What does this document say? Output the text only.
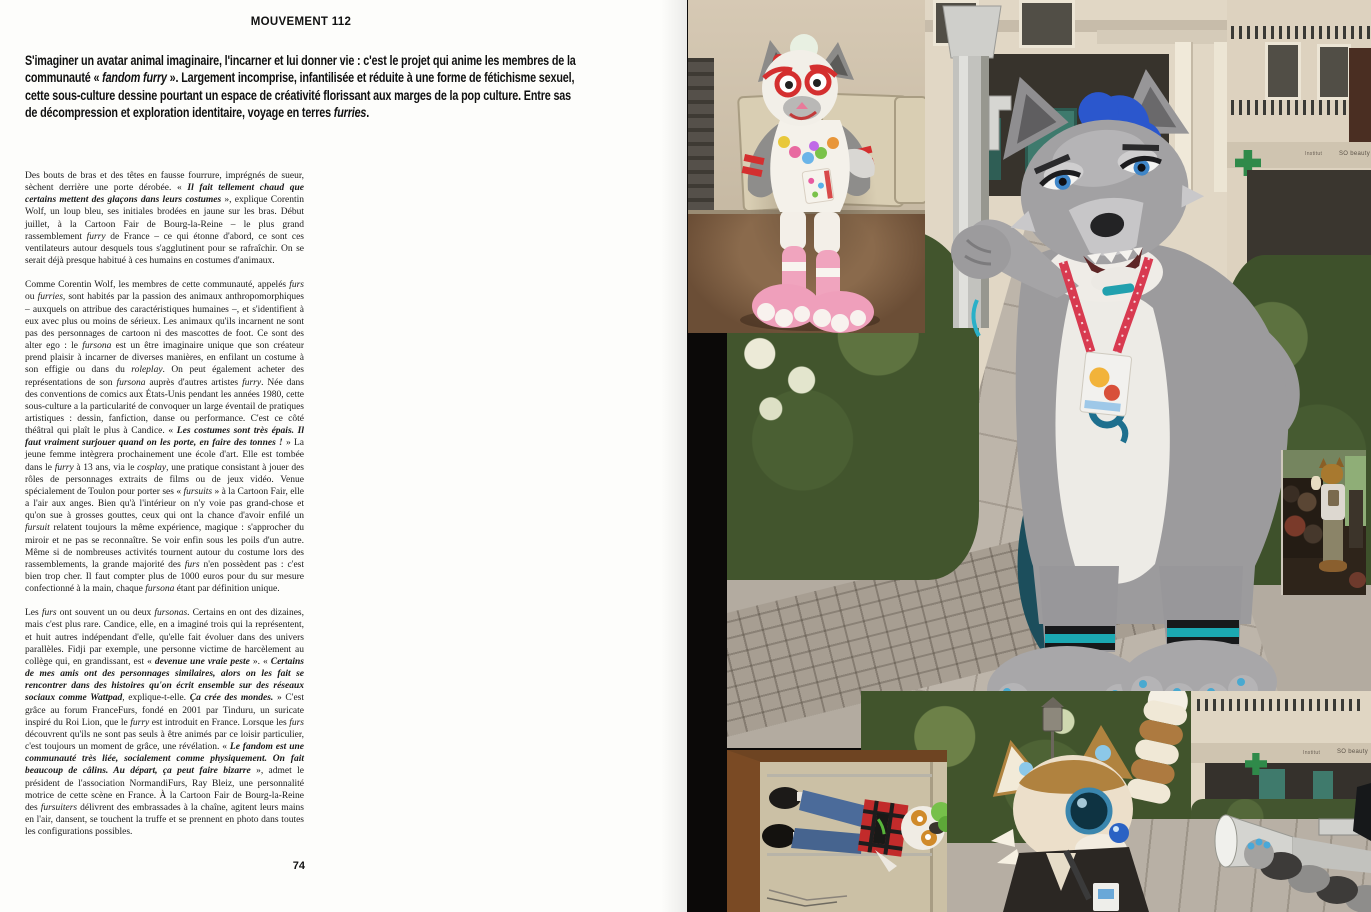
MOUVEMENT 112

S'imaginer un avatar animal imaginaire, l'incarner et lui donner vie : c'est le projet qui anime les membres de la communauté « fandom furry ». Largement incomprise, infantilisée et réduite à une forme de fétichisme sexuel, cette sous-culture dessine pourtant un espace de créativité florissant aux marges de la pop culture. Entre sas de décompression et exploration identitaire, voyage en terres furries.

Des bouts de bras et des têtes en fausse fourrure, imprégnés de sueur, sèchent derrière une porte dérobée. « Il fait tellement chaud que certains mettent des glaçons dans leurs costumes », explique Corentin Wolf, un loup bleu, ses initiales brodées en jaune sur les bras. Début juillet, à la Cartoon Fair de Bourg-la-Reine – le plus grand rassemblement furry de France – ce qui étonne d'abord, ce sont ces ventilateurs autour desquels tous s'agglutinent pour se rafraîchir. On se serait déjà presque habitué à ces humains en costumes d'animaux.

Comme Corentin Wolf, les membres de cette communauté, appelés furs ou furries, sont habités par la passion des animaux anthropomorphiques – auxquels on attribue des caractéristiques humaines –, et s'identifient à eux avec plus ou moins de sérieux. Les animaux qu'ils incarnent ne sont pas des personnages de cartoon ni des mascottes de foot. Ce sont des alter ego : le fursona est un être imaginaire unique que son créateur prend plaisir à incarner de diverses manières, en enfilant un costume à son effigie ou dans du roleplay. On peut également acheter des représentations de son fursona auprès d'autres artistes furry. Née dans des conventions de comics aux États-Unis pendant les années 1980, cette sous-culture a la particularité de convoquer un large éventail de pratiques artistiques : dessin, fanfiction, danse ou performance. C'est ce côté théâtral qui plaît le plus à Candice. « Les costumes sont très épais. Il faut vraiment surjouer quand on les porte, en faire des tonnes ! » La jeune femme intègrera prochainement une école d'art. Elle est tombée dans le furry à 13 ans, via le cosplay, une pratique consistant à jouer des rôles de personnages extraits de films ou de jeux vidéo. Venue spécialement de Toulon pour porter ses « fursuits » à la Cartoon Fair, elle a l'air aux anges. Bien qu'à l'intérieur on n'y voie pas grand-chose et qu'on sue à grosses gouttes, ceux qui ont la chance d'avoir enfilé un fursuit relatent toujours la même expérience, magique : s'approcher du miroir et ne pas se reconnaître. Se voir enfin sous les poils d'un autre. Même si de nombreuses activités tournent autour du costume lors des rassemblements, la grande majorité des furs n'en possèdent pas : c'est bien trop cher. Il faut compter plus de 1000 euros pour du sur mesure confectionné à la main, chaque fursona étant par définition unique.

Les furs ont souvent un ou deux fursonas. Certains en ont des dizaines, mais c'est plus rare. Candice, elle, en a imaginé trois qui la représentent, et huit autres indépendant d'elle, qu'elle fait évoluer dans des univers parallèles. Fidji par exemple, une personne victime de harcèlement au collège qui, en grandissant, est « devenue une vraie peste ». « Certains de mes amis ont des personnages similaires, alors on les fait se rencontrer dans des histoires qu'on écrit ensemble sur des réseaux sociaux comme Wattpad, explique-t-elle. Ça crée des mondes. » C'est grâce au forum FranceFurs, fondé en 2001 par Tinduru, un suricate inspiré du Roi Lion, que le furry est introduit en France. Lorsque les furs découvrent qu'ils ne sont pas seuls à être animés par ce loisir particulier, c'est toujours un moment de grâce, une révélation. « Le fandom est une communauté très liée, socialement comme physiquement. On fait beaucoup de câlins. Au départ, ça peut faire bizarre », admet le président de l'association NormandiFurs, Ray Bleiz, une personnalité motrice de cette scène en France. À la Cartoon Fair de Bourg-la-Reine des fursuiters délivrent des embrassades à la chaîne, agitent leurs mains en l'air, dansent, se touchent la truffe et se prennent en photo dans toutes les configurations possibles.

74
Institut	SO beauty
Institut	SO beauty
